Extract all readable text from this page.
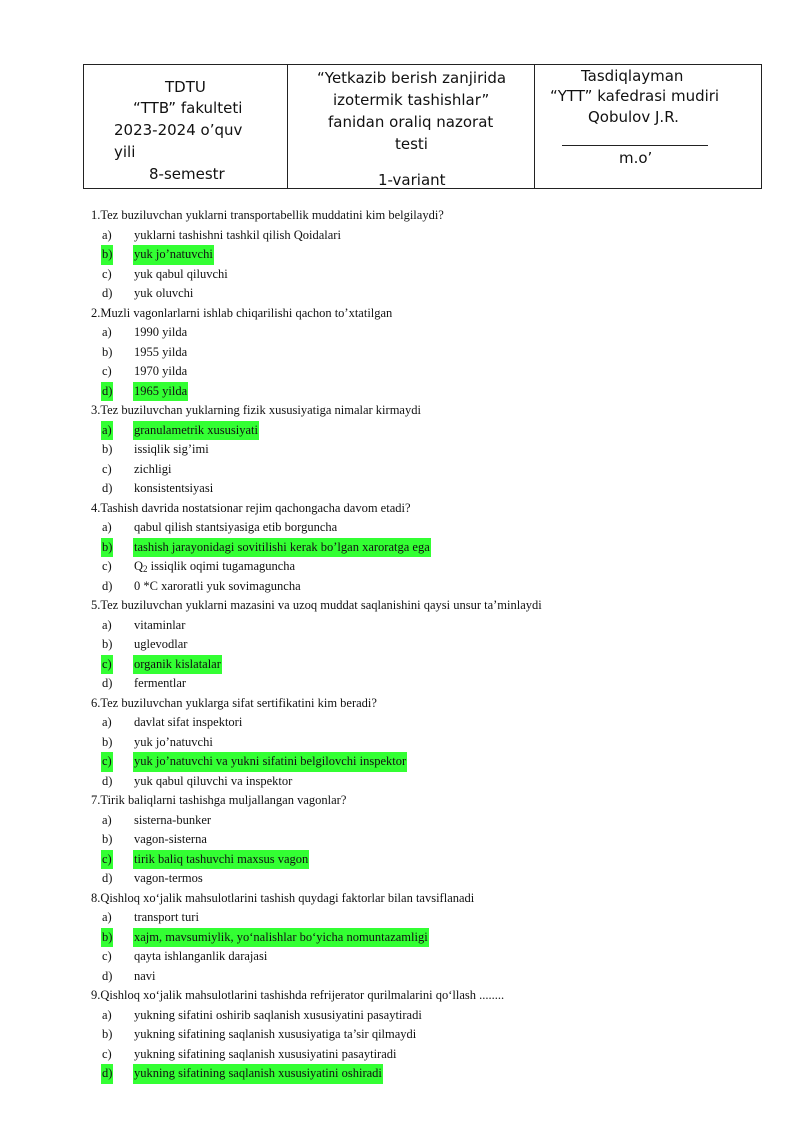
TDTU
“TTB” fakulteti
2023-2024 o’quv
yili
8-semestr

“Yetkazib berish zanjirida
izotermik tashishlar”
fanidan oraliq nazorat
testi
1-variant

Tasdiqlayman
“YTT” kafedrasi mudiri
Qobulov J.R.
m.o’
1.Tez buziluvchan yuklarni transportabellik muddatini kim belgilaydi?
a) yuklarni tashishni tashkil qilish Qoidalari
b) yuk jo’natuvchi
c) yuk qabul qiluvchi
d) yuk oluvchi
2.Muzli vagonlarlarni ishlab chiqarilishi qachon to’xtatilgan
a) 1990 yilda
b) 1955 yilda
c) 1970 yilda
d) 1965 yilda
3.Tez buziluvchan yuklarning fizik xususiyatiga nimalar kirmaydi
a) granulametrik xususiyati
b) issiqlik sig’imi
c) zichligi
d) konsistentsiyasi
4.Tashish davrida nostatsionar rejim qachongacha davom etadi?
a) qabul qilish stantsiyasiga etib borguncha
b) tashish jarayonidagi sovitilishi kerak bo’lgan xaroratga ega
c) $Q_2$ issiqlik oqimi tugamaguncha
d) 0 *C xaroratli yuk sovimaguncha
5.Tez buziluvchan yuklarni mazasini va uzoq muddat saqlanishini qaysi unsur ta’minlaydi
a) vitaminlar
b) uglevodlar
c) organik kislatalar
d) fermentlar
6.Tez buziluvchan yuklarga sifat sertifikatini kim beradi?
a) davlat sifat inspektori
b) yuk jo’natuvchi
c) yuk jo’natuvchi va yukni sifatini belgilovchi inspektor
d) yuk qabul qiluvchi va inspektor
7.Tirik baliqlarni tashishga muljallangan vagonlar?
a) sisterna-bunker
b) vagon-sisterna
c) tirik baliq tashuvchi maxsus vagon
d) vagon-termos
8.Qishloq xo‘jalik mahsulotlarini tashish quydagi faktorlar bilan tavsiflanadi
a) transport turi
b) xajm, mavsumiylik, yo‘nalishlar bo‘yicha nomuntazamligi
c) qayta ishlanganlik darajasi
d) navi
9.Qishloq xo‘jalik mahsulotlarini tashishda refrijerator qurilmalarini qo‘llash ........
a) yukning sifatini oshirib saqlanish xususiyatini pasaytiradi
b) yukning sifatining saqlanish xususiyatiga ta’sir qilmaydi
c) yukning sifatining saqlanish xususiyatini pasaytiradi
d) yukning sifatining saqlanish xususiyatini oshiradi
